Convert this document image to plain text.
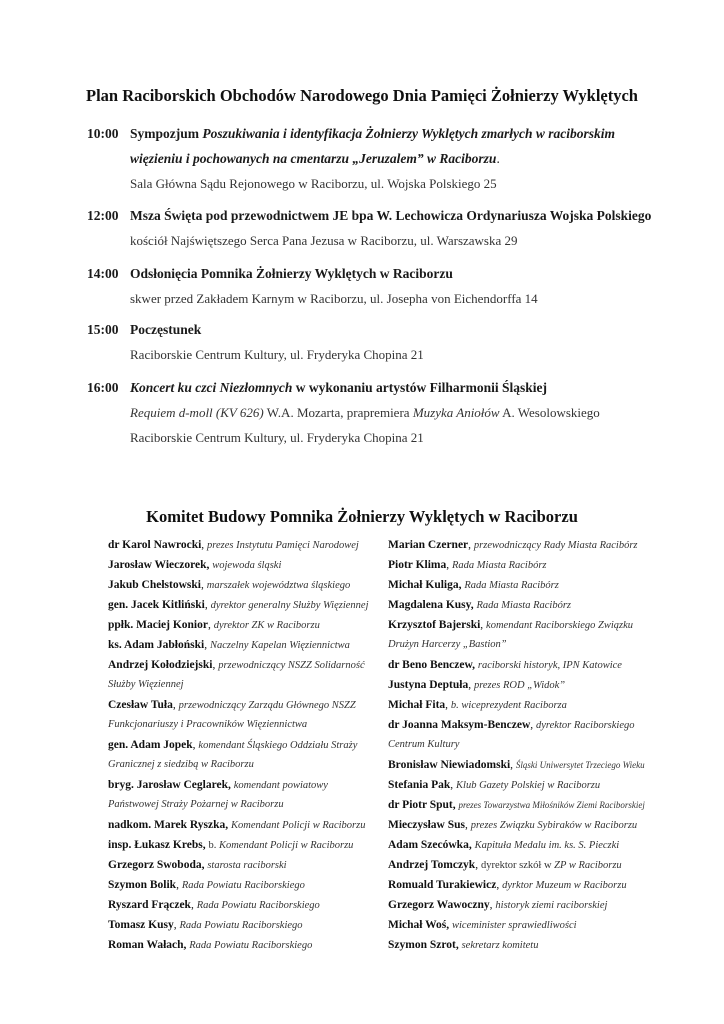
Plan Raciborskich Obchodów Narodowego Dnia Pamięci Żołnierzy Wyklętych
10:00 Sympozjum Poszukiwania i identyfikacja Żołnierzy Wyklętych zmarłych w raciborskim
więzieniu i pochowanych na cmentarzu „Jeruzalem” w Raciborzu.
Sala Główna Sądu Rejonowego w Raciborzu, ul. Wojska Polskiego 25
12:00 Msza Święta pod przewodnictwem JE bpa W. Lechowicza Ordynariusza Wojska Polskiego
kościół Najświętszego Serca Pana Jezusa w Raciborzu, ul. Warszawska 29
14:00 Odsłonięcia Pomnika Żołnierzy Wyklętych w Raciborzu
skwer przed Zakładem Karnym w Raciborzu, ul. Josepha von Eichendorffa 14
15:00 Poczęstunek
Raciborskie Centrum Kultury, ul. Fryderyka Chopina 21
16:00 Koncert ku czci Niezłomnych w wykonaniu artystów Filharmonii Śląskiej
Requiem d-moll (KV 626) W.A. Mozarta, prapremiera Muzyka Aniołów A. Wesolowskiego
Raciborskie Centrum Kultury, ul. Fryderyka Chopina 21
Komitet Budowy Pomnika Żołnierzy Wyklętych w Raciborzu
dr Karol Nawrocki, prezes Instytutu Pamięci Narodowej
Jarosław Wieczorek, wojewoda śląski
Jakub Chełstowski, marszałek województwa śląskiego
gen. Jacek Kitliński, dyrektor generalny Służby Więziennej
ppłk. Maciej Konior, dyrektor ZK w Raciborzu
ks. Adam Jabłoński, Naczelny Kapelan Więziennictwa
Andrzej Kołodziejski, przewodniczący NSZZ Solidarność
Służby Więziennej
Czesław Tuła, przewodniczący Zarządu Głównego NSZZ
Funkcjonariuszy i Pracowników Więziennictwa
gen. Adam Jopek, komendant Śląskiego Oddziału Straży
Granicznej z siedzibą w Raciborzu
bryg. Jarosław Ceglarek, komendant powiatowy
Państwowej Straży Pożarnej w Raciborzu
nadkom. Marek Ryszka, Komendant Policji w Raciborzu
insp. Łukasz Krebs, b. Komendant Policji w Raciborzu
Grzegorz Swoboda, starosta raciborski
Szymon Bolik, Rada Powiatu Raciborskiego
Ryszard Frączek, Rada Powiatu Raciborskiego
Tomasz Kusy, Rada Powiatu Raciborskiego
Roman Wałach, Rada Powiatu Raciborskiego
Marian Czerner, przewodniczący Rady Miasta Racibórz
Piotr Klima, Rada Miasta Racibórz
Michał Kuliga, Rada Miasta Racibórz
Magdalena Kusy, Rada Miasta Racibórz
Krzysztof Bajerski, komendant Raciborskiego Związku
Drużyn Harcerzy „Bastion”
dr Beno Benczew, raciborski historyk, IPN Katowice
Justyna Deptuła, prezes ROD „Widok”
Michał Fita, b. wiceprezydent Raciborza
dr Joanna Maksym-Benczew, dyrektor Raciborskiego
Centrum Kultury
Bronisław Niewiadomski, Śląski Uniwersytet Trzeciego Wieku
Stefania Pak, Klub Gazety Polskiej w Raciborzu
dr Piotr Sput, prezes Towarzystwa Miłośników Ziemi Raciborskiej
Mieczysław Sus, prezes Związku Sybiraków w Raciborzu
Adam Szecówka, Kapituła Medalu im. ks. S. Pieczki
Andrzej Tomczyk, dyrektor szkół w ZP w Raciborzu
Romuald Turakiewicz, dyrktor Muzeum w Raciborzu
Grzegorz Wawoczny, historyk ziemi raciborskiej
Michał Woś, wiceminister sprawiedliwości
Szymon Szrot, sekretarz komitetu
